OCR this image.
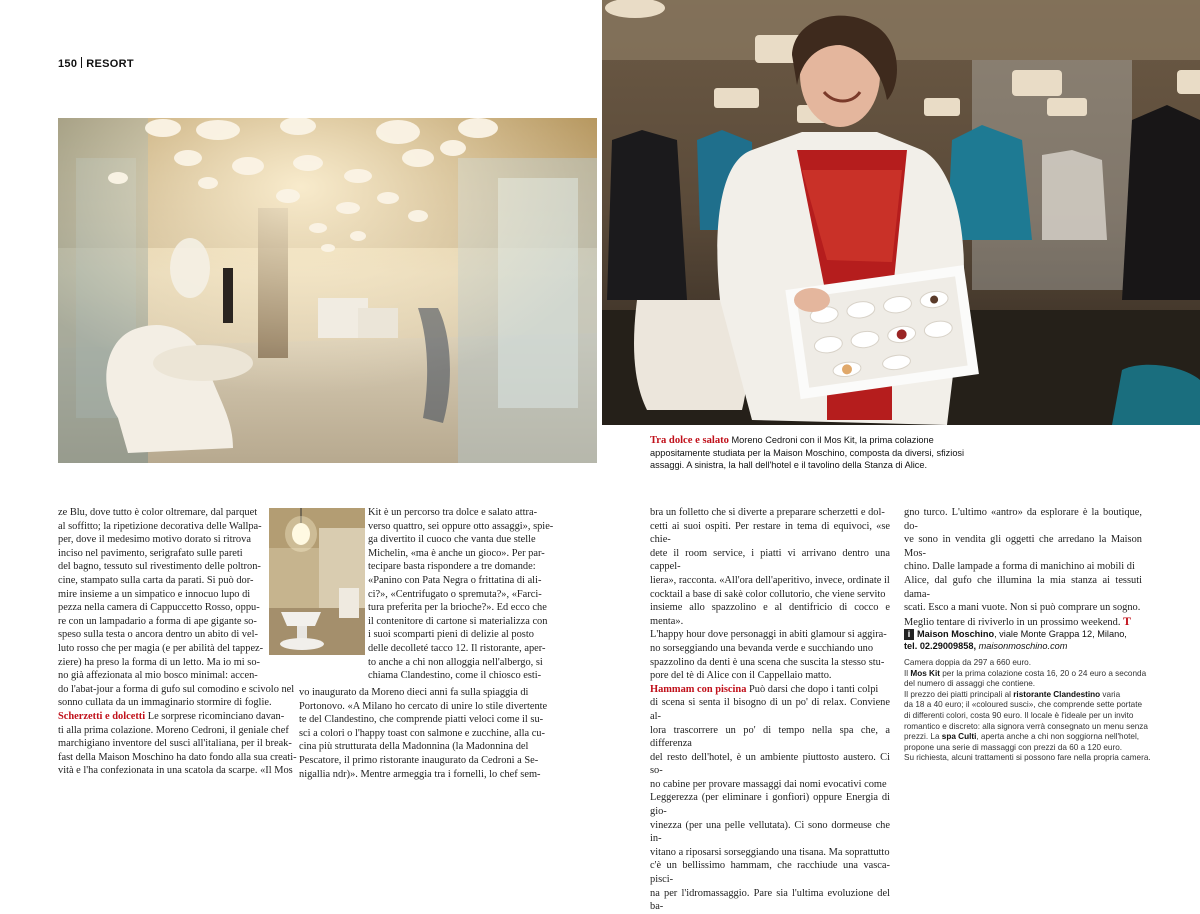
150 RESORT
Tra dolce e salato Moreno Cedroni con il Mos Kit, la prima colazione
appositamente studiata per la Maison Moschino, composta da diversi, sfiziosi
assaggi. A sinistra, la hall dell'hotel e il tavolino della Stanza di Alice.

ze Blu, dove tutto è color oltremare, dal parquet

al soffitto; la ripetizione decorativa delle Wallpa-

per, dove il medesimo motivo dorato si ritrova

inciso nel pavimento, serigrafato sulle pareti

del bagno, tessuto sul rivestimento delle poltron-

cine, stampato sulla carta da parati. Si può dor-

mire insieme a un simpatico e innocuo lupo di

pezza nella camera di Cappuccetto Rosso, oppu-

re con un lampadario a forma di ape gigante so-

speso sulla testa o ancora dentro un abito di vel-

luto rosso che per magia (e per abilità del tappez-

ziere) ha preso la forma di un letto. Ma io mi so-

no già affezionata al mio bosco minimal: accen-

do l'abat-jour a forma di gufo sul comodino e scivolo nel

sonno cullata da un immaginario stormire di foglie.

Scherzetti e dolcetti Le sorprese ricominciano davan-

ti alla prima colazione. Moreno Cedroni, il geniale chef

marchigiano inventore del susci all'italiana, per il break-

fast della Maison Moschino ha dato fondo alla sua creati-

vità e l'ha confezionata in una scatola da scarpe. «Il Mos

Kit è un percorso tra dolce e salato attra-

verso quattro, sei oppure otto assaggi», spie-

ga divertito il cuoco che vanta due stelle

Michelin, «ma è anche un gioco». Per par-

tecipare basta rispondere a tre domande:

«Panino con Pata Negra o frittatina di ali-

ci?», «Centrifugato o spremuta?», «Farci-

tura preferita per la brioche?». Ed ecco che

il contenitore di cartone si materializza con

i suoi scomparti pieni di delizie al posto

delle decolleté tacco 12. Il ristorante, aper-

to anche a chi non alloggia nell'albergo, si

chiama Clandestino, come il chiosco esti-

vo inaugurato da Moreno dieci anni fa sulla spiaggia di

Portonovo. «A Milano ho cercato di unire lo stile divertente

te del Clandestino, che comprende piatti veloci come il su-

sci a colori o l'happy toast con salmone e zucchine, alla cu-

cina più strutturata della Madonnina (la Madonnina del

Pescatore, il primo ristorante inaugurato da Cedroni a Se-

nigallia ndr)». Mentre armeggia tra i fornelli, lo chef sem-

bra un folletto che si diverte a preparare scherzetti e dol-

cetti ai suoi ospiti. Per restare in tema di equivoci, «se chie-

dete il room service, i piatti vi arrivano dentro una cappel-

liera», racconta. «All'ora dell'aperitivo, invece, ordinate il

cocktail a base di sakè color collutorio, che viene servito

insieme allo spazzolino e al dentifricio di cocco e menta».

L'happy hour dove personaggi in abiti glamour si aggira-

no sorseggiando una bevanda verde e succhiando uno

spazzolino da denti è una scena che suscita la stesso stu-

pore del tè di Alice con il Cappellaio matto.

Hammam con piscina Può darsi che dopo i tanti colpi

di scena si senta il bisogno di un po' di relax. Conviene al-

lora trascorrere un po' di tempo nella spa che, a differenza

del resto dell'hotel, è un ambiente piuttosto austero. Ci so-

no cabine per provare massaggi dai nomi evocativi come

Leggerezza (per eliminare i gonfiori) oppure Energia di gio-

vinezza (per una pelle vellutata). Ci sono dormeuse che in-

vitano a riposarsi sorseggiando una tisana. Ma soprattutto

c'è un bellissimo hammam, che racchiude una vasca-pisci-

na per l'idromassaggio. Pare sia l'ultima evoluzione del ba-

gno turco. L'ultimo «antro» da esplorare è la boutique, do-

ve sono in vendita gli oggetti che arredano la Maison Mos-

chino. Dalle lampade a forma di manichino ai mobili di

Alice, dal gufo che illumina la mia stanza ai tessuti dama-

scati. Esco a mani vuote. Non si può comprare un sogno.

Meglio tentare di riviverlo in un prossimo weekend. T

i Maison Moschino, viale Monte Grappa 12, Milano,
tel. 02.29009858, maisonmoschino.com

Camera doppia da 297 a 660 euro.

Il Mos Kit per la prima colazione costa 16, 20 o 24 euro a seconda

del numero di assaggi che contiene.

Il prezzo dei piatti principali al ristorante Clandestino varia

da 18 a 40 euro; il «coloured susci», che comprende sette portate

di differenti colori, costa 90 euro. Il locale è l'ideale per un invito

romantico e discreto: alla signora verrà consegnato un menu senza

prezzi. La spa Culti, aperta anche a chi non soggiorna nell'hotel,

propone una serie di massaggi con prezzi da 60 a 120 euro.

Su richiesta, alcuni trattamenti si possono fare nella propria camera.
